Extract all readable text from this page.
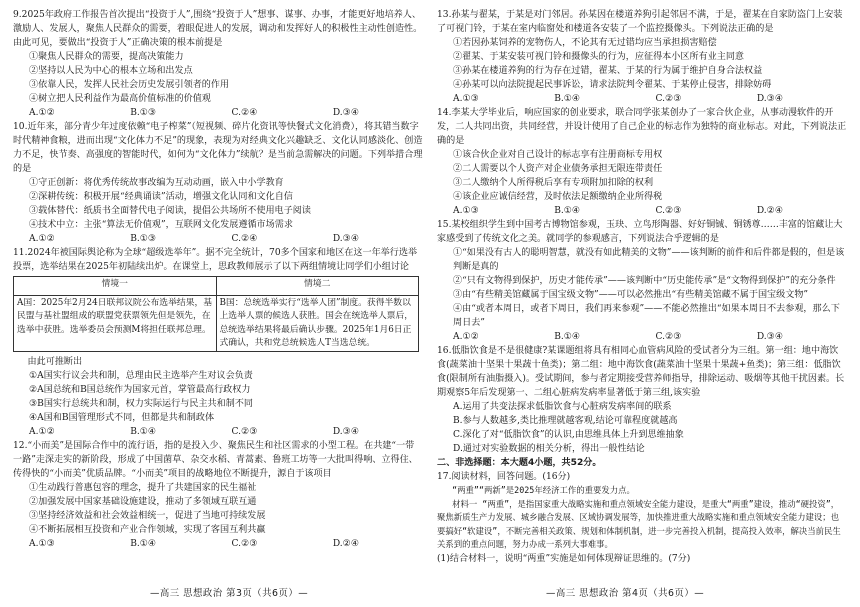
9.2025年政府工作报告首次提出“投资于人”,围绕“投资于人”想事、谋事、办事，才能更好地培养人、激励人、发展人，聚焦人民群众的需要，着眼促进人的发展，调动和发挥好人的积极性主动性创造性。由此可见，要做出“投资于人”正确决策的根本前提是

①聚焦人民群众的需要，提高决策能力

②坚持以人民为中心的根本立场和出发点

③依靠人民，发挥人民社会历史发展引领者的作用

④树立把人民利益作为最高价值标准的价值观

A.①②	B.①③	C.②④	D.③④

10.近年来，部分青少年过度依赖“电子榨菜”（短视频、碎片化资讯等快餐式文化消费），将其错当数字时代精神食粮，进而出现“文化体力不足”的现象，表现为对经典文化兴趣缺乏、文化认同感淡化、创造力不足，快节奏、高强度的智能时代，如何为“文化体力”续航？是当前急需解决的问题。下列举措合理的是

①守正创新：将优秀传统故事改编为互动动画，嵌入中小学教育

②深耕传统：积极开展“经典诵读”活动，增强文化认同和文化自信

③载体替代：纸质书全面替代电子阅读，提倡公共场所不使用电子阅读

④技术中立：主张“算法无价值观”，互联网文化发展遵循市场需求

A.①②	B.①③	C.②④	D.③④

11.2024年被国际舆论称为全球“超级选举年”。据不完全统计，70多个国家和地区在这一年举行选举投票，选举结果在2025年初陆续出炉。在课堂上，思政教师展示了以下两组情境让同学们小组讨论

情境一	情境二
A国：2025年2月24日联邦议院公布选举结果，基民盟与基社盟组成的联盟党获票领先但是领先，在选举中获胜。选举委员会预测M将担任联邦总理。	B国：总统选举实行“选举人团”制度。获得半数以上选举人票的候选人获胜。国会在统选举人票后，总统选举结果将最后确认步骤。2025年1月6日正式确认，共和党总统候选人T当选总统。

由此可推断出

①A国实行议会共和制，总理由民主选举产生对议会负责

②A国总统和B国总统作为国家元首，掌管最高行政权力

③B国实行总统共和制，权力实际运行与民主共和制不同

④A国和B国管理形式不同，但都是共和制政体

A.①②	B.①④	C.②③	D.③④

12.“小而美”是国际合作中的流行语，指的是投入少、聚焦民生和社区需求的小型工程。在共建“一带一路”走深走实的新阶段，形成了中国菌草、杂交水稻、青蒿素、鲁班工坊等一大批叫得响、立得住、传得快的“小而美”优质品牌。“小而美”项目的战略地位不断提升，源自于该项目

①生动践行普惠包容的理念，提升了共建国家的民生福祉

②加强发展中国家基础设施建设，推动了多领域互联互通

③坚持经济效益和社会效益相统一，促进了当地可持续发展

④不断拓展相互投资和产业合作领域，实现了客国互利共赢

A.①③	B.①④	C.②③	D.②④

13.孙某与翟某，于某是对门邻居。孙某因在楼道养狗引起邻居不满，于是，翟某在自家防盗门上安装了可视门铃，于某在室内临窗处和楼道各安装了一个监控摄像头。下列说法正确的是

①若因孙某饲养的宠物伤人，不论其有无过错均应当承担损害赔偿

②翟某、于某安装可视门铃和摄像头的行为，应征得本小区所有业主同意

③孙某在楼道养狗的行为存在过错，翟某、于某的行为属于维护自身合法权益

④孙某可以向法院提起民事诉讼，请求法院判令翟某、于某停止侵害，排除妨碍

A.①③	B.①④	C.②③	D.③④

14.李某大学毕业后，响应国家的创业要求，联合同学张某创办了一家合伙企业，从事动漫软件的开发，二人共同出资，共同经营，并设计使用了自己企业的标志作为独特的商业标志。对此，下列说法正确的是

①该合伙企业对自己设计的标志享有注册商标专用权

②二人需要以个人资产对企业债务承担无限连带责任

③二人缴纳个人所得税后享有专项附加扣除的权利

④该企业应诚信经营，及时依法足额缴纳企业所得税

A.①③	B.①④	C.②③	D.②④

15.某校组织学生到中国考古博物馆参观，玉玦、立鸟形陶器、好好铜铖、铜锈尊……丰富的馆藏让大家感受到了传统文化之美。就同学的参观感言，下列说法合乎逻辑的是

①“如果没有古人的聪明智慧，就没有如此精美的文物”——该判断的前件和后件都是假的，但是该判断是真的

②“只有文物得到保护，历史才能传承”——该判断中“历史能传承”是“文物得到保护”的充分条件

③由“有些精美馆藏属于国宝级文物”——可以必然推出“有些精美馆藏不属于国宝级文物”

④由“或者本周日，或者下周日，我们再来参观”——不能必然推出“如果本周日不去参观，那么下周日去”

A.①②	B.①④	C.②③	D.③④

16.低脂饮食是不是很健康?某课题组将具有相同心血管病风险的受试者分为三组。第一组：地中海饮食(蔬菜油十坚果十果蔬十鱼类)；第二组：地中海饮食(蔬菜油十坚果十果蔬+鱼类)；第三组：低脂饮食(限制所有油脂摄入)。受试期间，参与者定期接受营养师指导，排除运动、吸烟等其他干扰因素。长期观察5年后发现第一、二组心脏病发病率显著低于第三组,该实验

A.运用了共变法探求低脂饮食与心脏病发病率间的联系

B.参与人数越多,类比推理就越客观,结论可靠程度就越高

C.深化了对“低脂饮食”的认识,由思维具体上升到思维抽象

D.通过对实验数据的相关分析，得出一般性结论

二、非选择题：本大题4小题，共52分。

17.阅读材料，回答问题。(16分)

“两重”“两新”是2025年经济工作的重要发力点。

材料一 “两重”，是指国家重大战略实施和重点领域安全能力建设，是重大“两重”建设，推动“硬投资”，聚焦新质生产力发展、城乡融合发展、区域协调发展等，加快推进重大战略实施和重点领域安全能力建设；也要搞好“软建设”，不断完善相关政策、规划和体制机制，进一步完善投入机制，提高投入效率，解决当前民生关系到的重点问题，努力办成一系列大事难事。

(1)结合材料一，说明“两重”实施是如何体现辩证思维的。(7分)

—高三 思想政治 第3页（共6页）—	—高三 思想政治 第4页（共6页）—
